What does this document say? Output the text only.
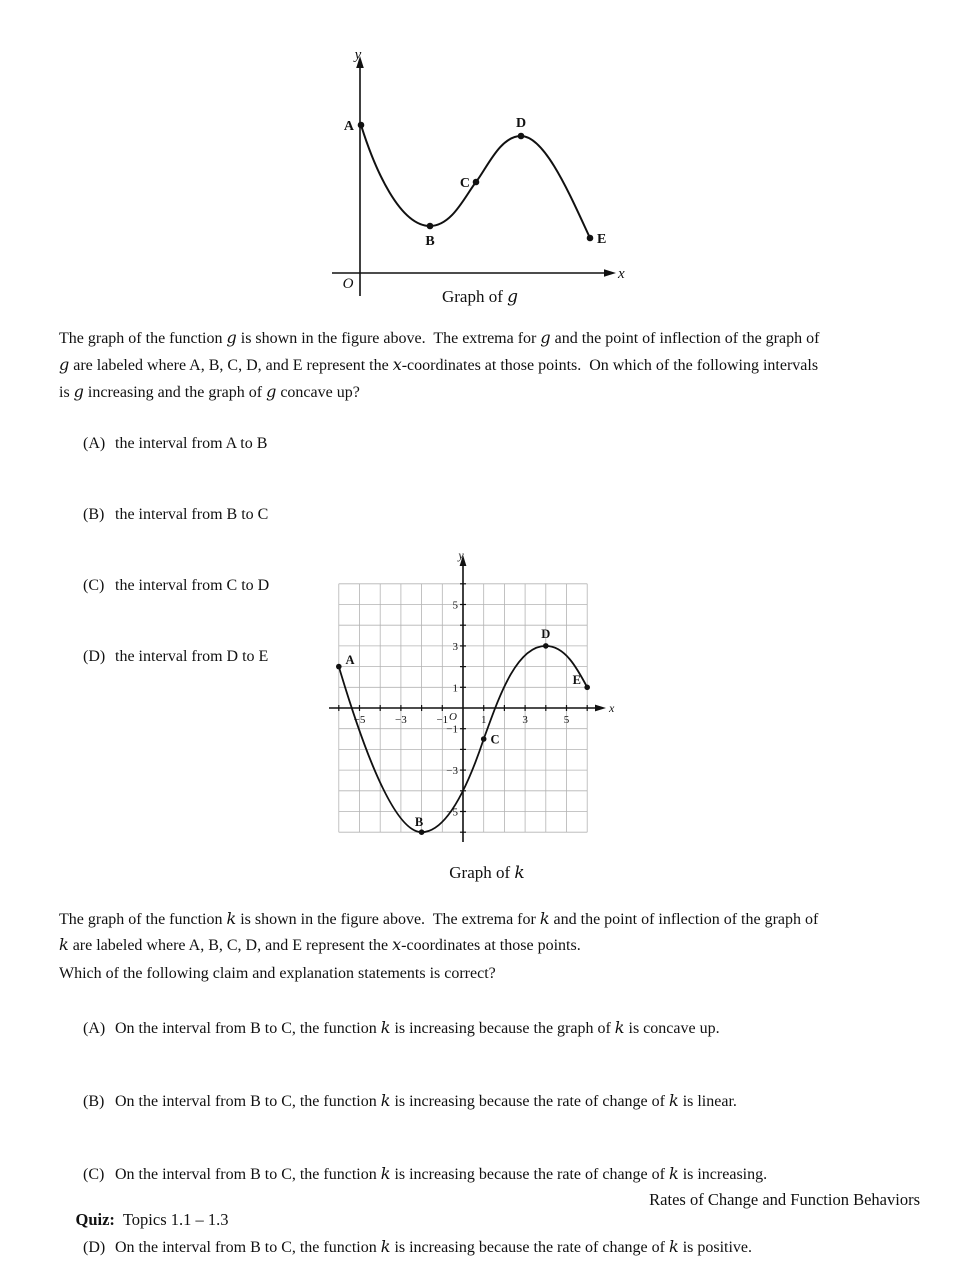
y
x
O
A
B
C
D
E
Graph of g
The graph of the function g is shown in the figure above.  The extrema for g and the point of inflection of the graph of
g are labeled where A, B, C, D, and E represent the x-coordinates at those points.  On which of the following intervals
is g increasing and the graph of g concave up?

(A) the interval from A to B

(B) the interval from B to C

(C) the interval from C to D

(D) the interval from D to E

−5	−3	−1	1	3	5
5
3
1
−1
−3
−5
y
x
O
A
B
C
D
E
Graph of k
The graph of the function k is shown in the figure above.  The extrema for k and the point of inflection of the graph of
k are labeled where A, B, C, D, and E represent the x-coordinates at those points.
Which of the following claim and explanation statements is correct?

(A) On the interval from B to C, the function k is increasing because the graph of k is concave up.

(B) On the interval from B to C, the function k is increasing because the rate of change of k is linear.

(C) On the interval from B to C, the function k is increasing because the rate of change of k is increasing.

(D) On the interval from B to C, the function k is increasing because the rate of change of k is positive.

Quiz:  Topics 1.1 – 1.3

Rates of Change and Function Behaviors
